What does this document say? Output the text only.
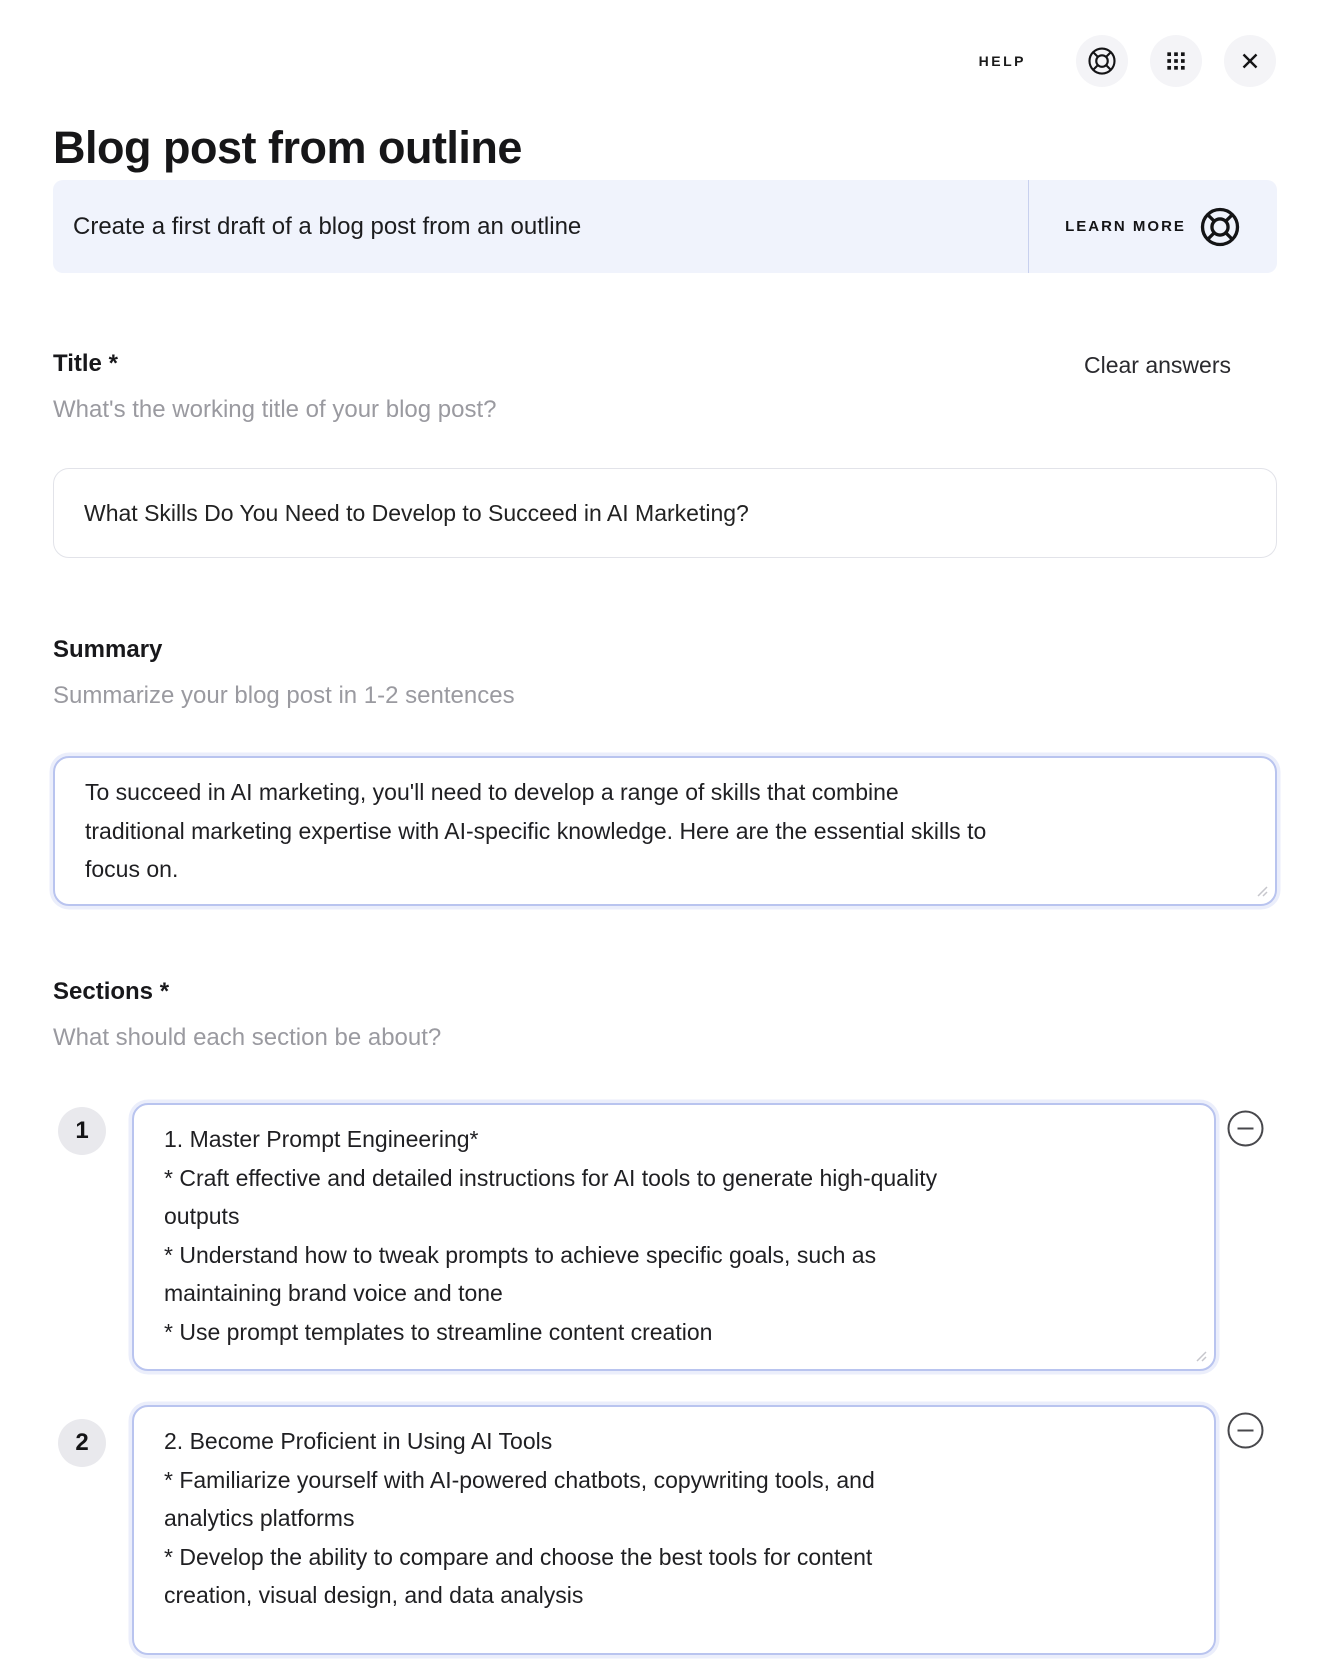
HELP
Blog post from outline
Create a first draft of a blog post from an outline	LEARN MORE
Title *	Clear answers
What's the working title of your blog post?
What Skills Do You Need to Develop to Succeed in AI Marketing?
Summary
Summarize your blog post in 1-2 sentences
To succeed in AI marketing, you'll need to develop a range of skills that combine traditional marketing expertise with AI-specific knowledge. Here are the essential skills to focus on.
Sections *
What should each section be about?
1
1. Master Prompt Engineering* * Craft effective and detailed instructions for AI tools to generate high-quality outputs * Understand how to tweak prompts to achieve specific goals, such as maintaining brand voice and tone * Use prompt templates to streamline content creation
2
2. Become Proficient in Using AI Tools * Familiarize yourself with AI-powered chatbots, copywriting tools, and analytics platforms * Develop the ability to compare and choose the best tools for content creation, visual design, and data analysis
